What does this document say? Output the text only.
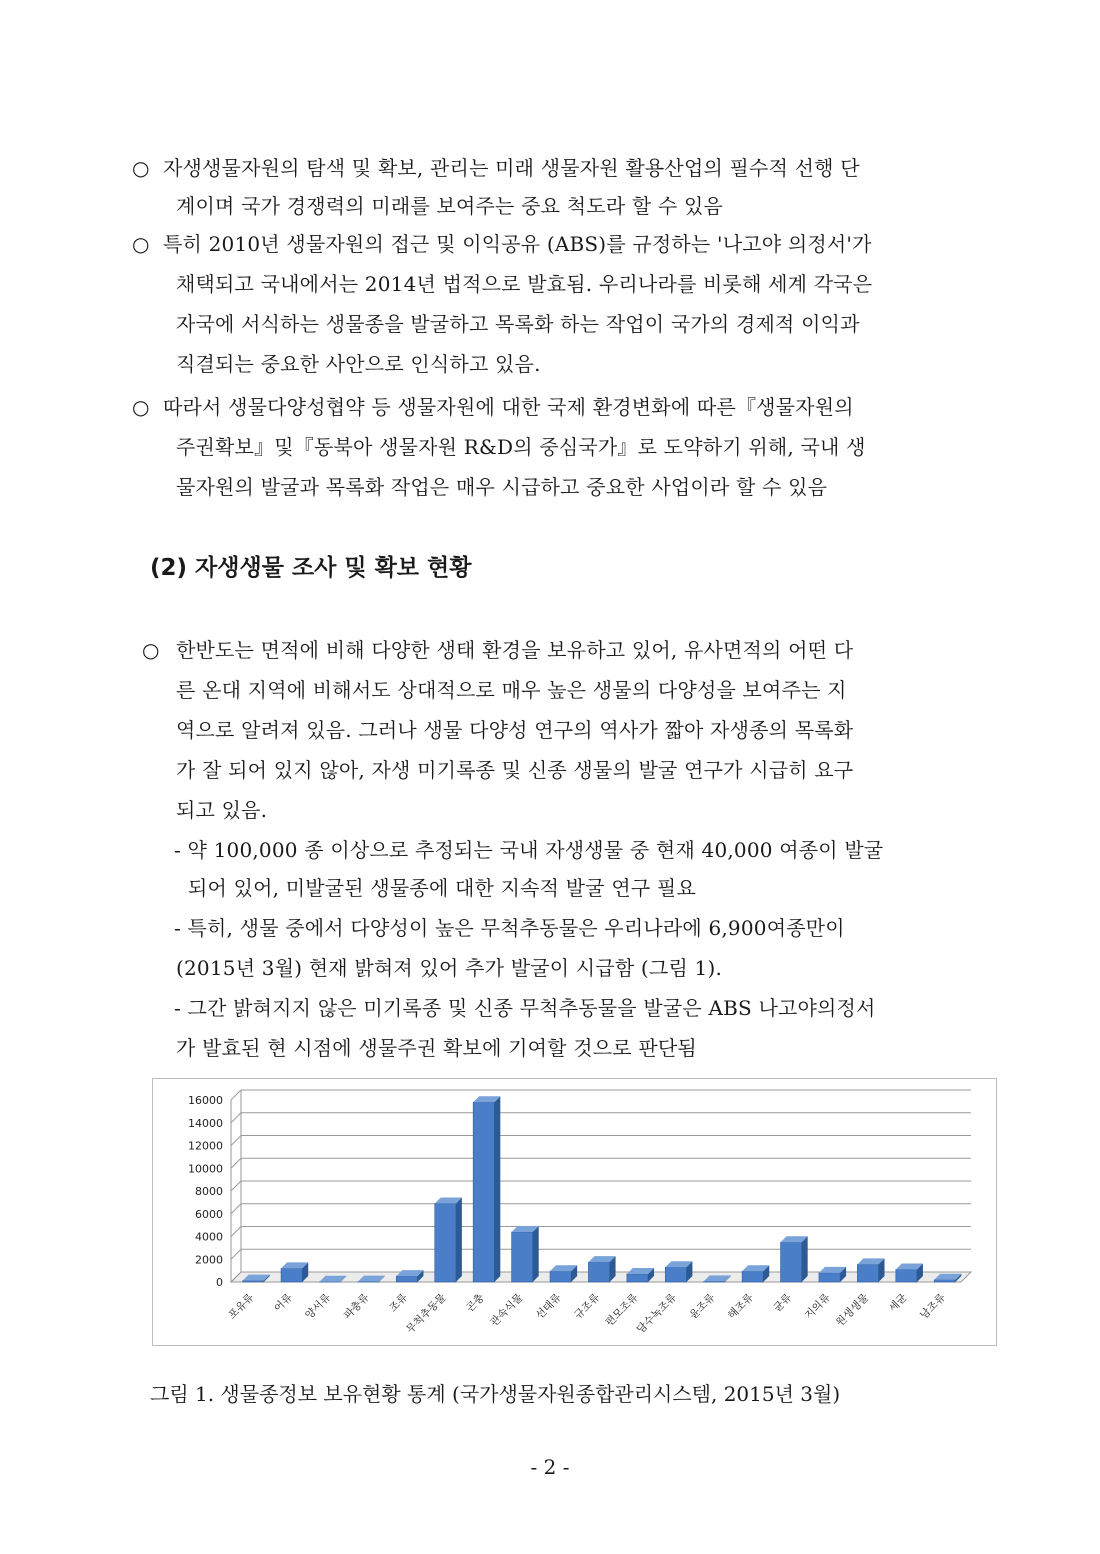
○ 자생생물자원의 탐색 및 확보, 관리는 미래 생물자원 활용산업의 필수적 선행 단
계이며 국가 경쟁력의 미래를 보여주는 중요 척도라 할 수 있음
○ 특히 2010년 생물자원의 접근 및 이익공유 (ABS)를 규정하는 '나고야 의정서'가
채택되고 국내에서는 2014년 법적으로 발효됨. 우리나라를 비롯해 세계 각국은
자국에 서식하는 생물종을 발굴하고 목록화 하는 작업이 국가의 경제적 이익과
직결되는 중요한 사안으로 인식하고 있음.
○ 따라서 생물다양성협약 등 생물자원에 대한 국제 환경변화에 따른『생물자원의
주권확보』및『동북아 생물자원 R&D의 중심국가』로 도약하기 위해, 국내 생
물자원의 발굴과 목록화 작업은 매우 시급하고 중요한 사업이라 할 수 있음
(2) 자생생물 조사 및 확보 현황
○ 한반도는 면적에 비해 다양한 생태 환경을 보유하고 있어, 유사면적의 어떤 다
른 온대 지역에 비해서도 상대적으로 매우 높은 생물의 다양성을 보여주는 지
역으로 알려져 있음. 그러나 생물 다양성 연구의 역사가 짧아 자생종의 목록화
가 잘 되어 있지 않아, 자생 미기록종 및 신종 생물의 발굴 연구가 시급히 요구
되고 있음.
- 약 100,000 종 이상으로 추정되는 국내 자생생물 중 현재 40,000 여종이 발굴
되어 있어, 미발굴된 생물종에 대한 지속적 발굴 연구 필요
- 특히, 생물 중에서 다양성이 높은 무척추동물은 우리나라에 6,900여종만이
(2015년 3월) 현재 밝혀져 있어 추가 발굴이 시급함 (그림 1).
- 그간 밝혀지지 않은 미기록종 및 신종 무척추동물을 발굴은 ABS 나고야의정서
가 발효된 현 시점에 생물주권 확보에 기여할 것으로 판단됨
0
2000
4000
6000
8000
10000
12000
14000
16000
포유류 어류 양서류 파충류 조류
무척추동물 곤충 관속식물 선태류 규조류 편모조류
담수녹조류 윤조류 해조류 균류 지의류 원생생물 세균 남조류
그림 1. 생물종정보 보유현황 통계 (국가생물자원종합관리시스템, 2015년 3월)
- 2 -
